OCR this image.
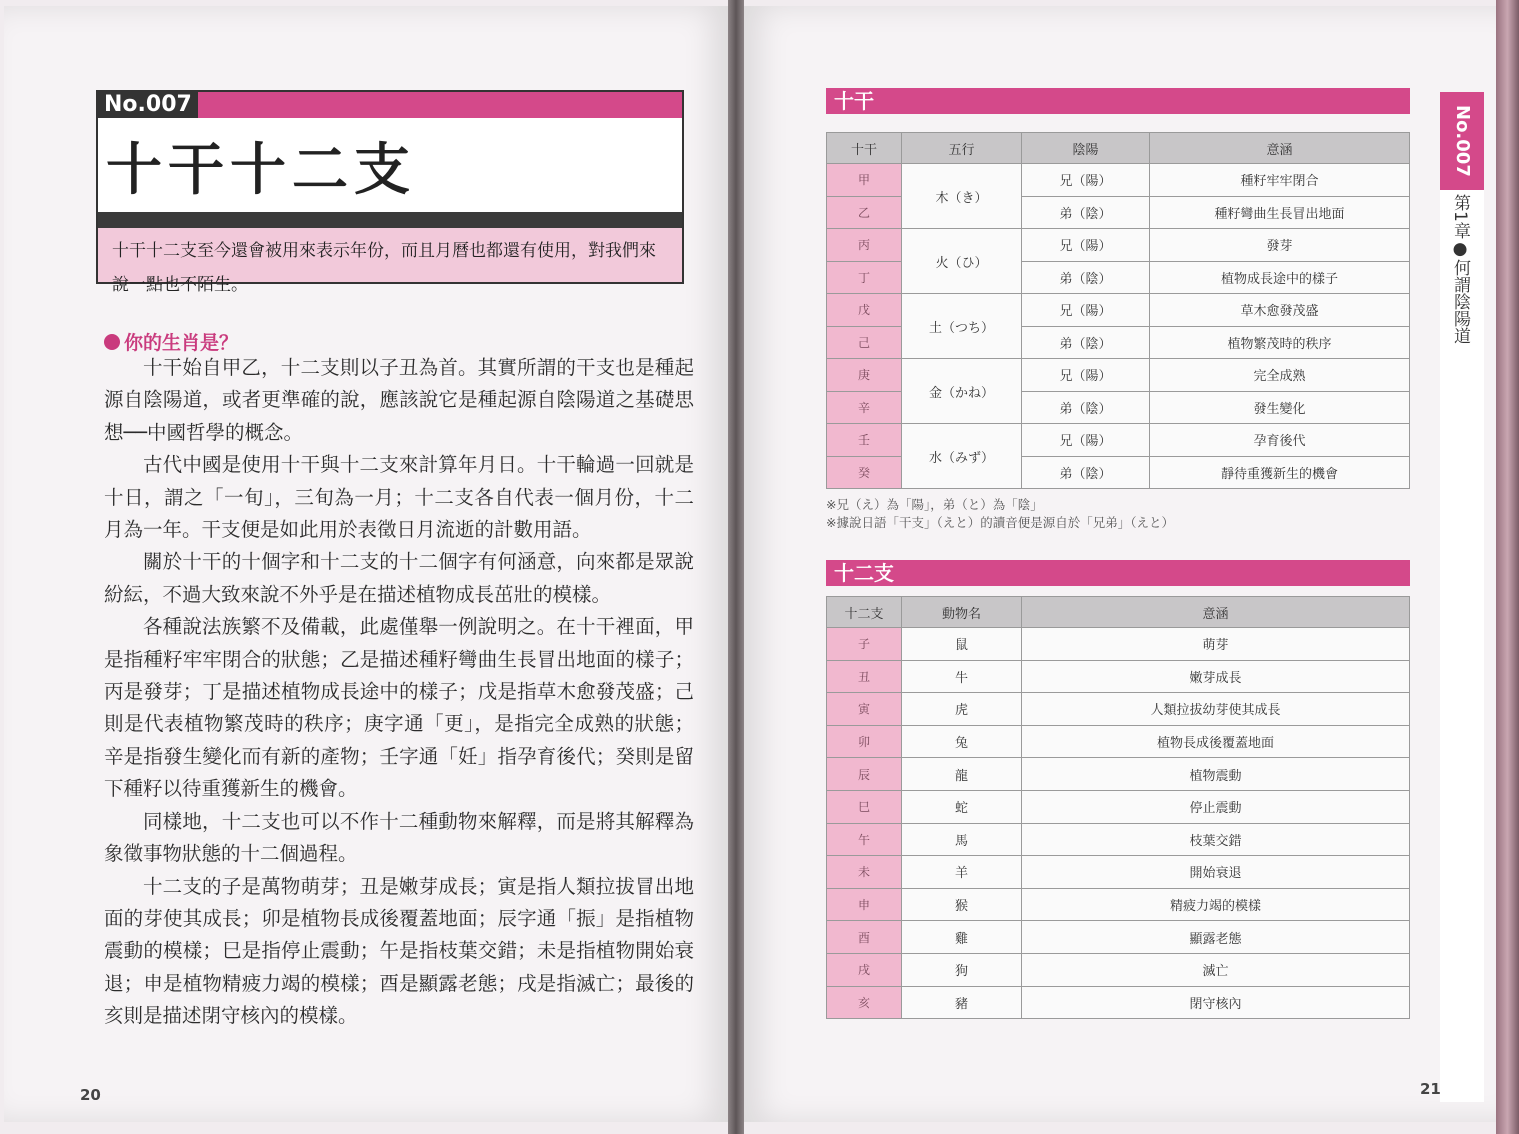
No.007
十干十二支
十干十二支至今還會被用來表示年份，而且月曆也都還有使用，對我們來說一點也不陌生。
你的生肖是？

十干始自甲乙，十二支則以子丑為首。其實所謂的干支也是種起源自陰陽道，或者更準確的說，應該說它是種起源自陰陽道之基礎思想──中國哲學的概念。

古代中國是使用十干與十二支來計算年月日。十干輪過一回就是十日，謂之「一旬」，三旬為一月；十二支各自代表一個月份，十二月為一年。干支便是如此用於表徵日月流逝的計數用語。

關於十干的十個字和十二支的十二個字有何涵意，向來都是眾說紛紜，不過大致來說不外乎是在描述植物成長茁壯的模樣。

各種說法族繁不及備載，此處僅舉一例說明之。在十干裡面，甲是指種籽牢牢閉合的狀態；乙是描述種籽彎曲生長冒出地面的樣子；丙是發芽；丁是描述植物成長途中的樣子；戊是指草木愈發茂盛；己則是代表植物繁茂時的秩序；庚字通「更」，是指完全成熟的狀態；辛是指發生變化而有新的產物；壬字通「妊」指孕育後代；癸則是留下種籽以待重獲新生的機會。

同樣地，十二支也可以不作十二種動物來解釋，而是將其解釋為象徵事物狀態的十二個過程。

十二支的子是萬物萌芽；丑是嫩芽成長；寅是指人類拉拔冒出地面的芽使其成長；卯是植物長成後覆蓋地面；辰字通「振」是指植物震動的模樣；巳是指停止震動；午是指枝葉交錯；未是指植物開始衰退；申是植物精疲力竭的模樣；酉是顯露老態；戌是指滅亡；最後的亥則是描述閉守核內的模樣。

20
十干
十干	五行	陰陽	意涵
甲	木（き）	兄（陽）	種籽牢牢閉合
乙		弟（陰）	種籽彎曲生長冒出地面
丙	火（ひ）	兄（陽）	發芽
丁		弟（陰）	植物成長途中的樣子
戊	土（つち）	兄（陽）	草木愈發茂盛
己		弟（陰）	植物繁茂時的秩序
庚	金（かね）	兄（陽）	完全成熟
辛		弟（陰）	發生變化
壬	水（みず）	兄（陽）	孕育後代
癸		弟（陰）	靜待重獲新生的機會
※兄（え）為「陽」，弟（と）為「陰」
※據說日語「干支」（えと）的讀音便是源自於「兄弟」（えと）
十二支
十二支	動物名	意涵
子	鼠	萌芽
丑	牛	嫩芽成長
寅	虎	人類拉拔幼芽使其成長
卯	兔	植物長成後覆蓋地面
辰	龍	植物震動
巳	蛇	停止震動
午	馬	枝葉交錯
未	羊	開始衰退
申	猴	精疲力竭的模樣
酉	雞	顯露老態
戌	狗	滅亡
亥	豬	閉守核內
No.007
第1章●何謂陰陽道
21
